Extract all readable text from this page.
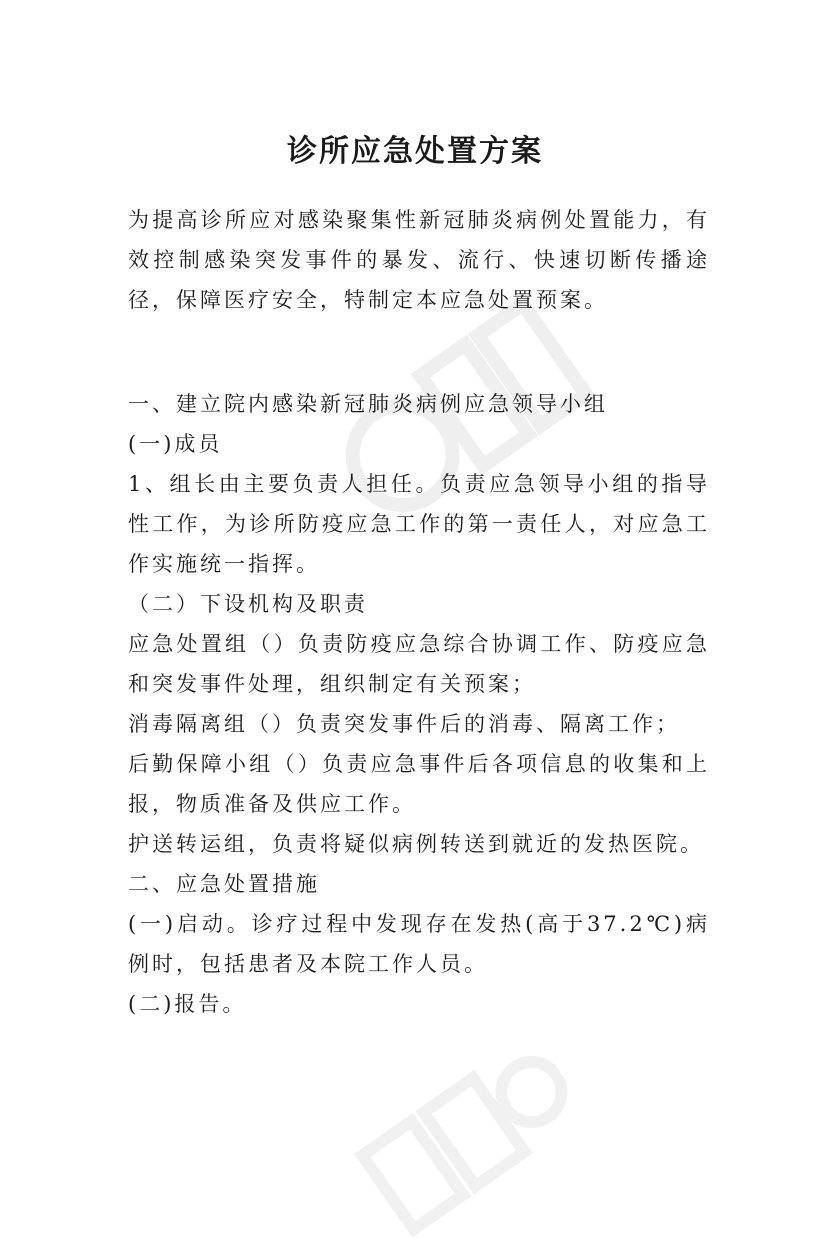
诊所应急处置方案

为提高诊所应对感染聚集性新冠肺炎病例处置能力，有效控制感染突发事件的暴发、流行、快速切断传播途径，保障医疗安全，特制定本应急处置预案。

一、建立院内感染新冠肺炎病例应急领导小组

(一)成员

1、组长由主要负责人担任。负责应急领导小组的指导性工作，为诊所防疫应急工作的第一责任人，对应急工作实施统一指挥。

（二）下设机构及职责

应急处置组（）负责防疫应急综合协调工作、防疫应急和突发事件处理，组织制定有关预案；

消毒隔离组（）负责突发事件后的消毒、隔离工作；

后勤保障小组（）负责应急事件后各项信息的收集和上报，物质准备及供应工作。

护送转运组，负责将疑似病例转送到就近的发热医院。

二、应急处置措施

(一)启动。诊疗过程中发现存在发热(高于37.2℃)病例时，包括患者及本院工作人员。

(二)报告。
